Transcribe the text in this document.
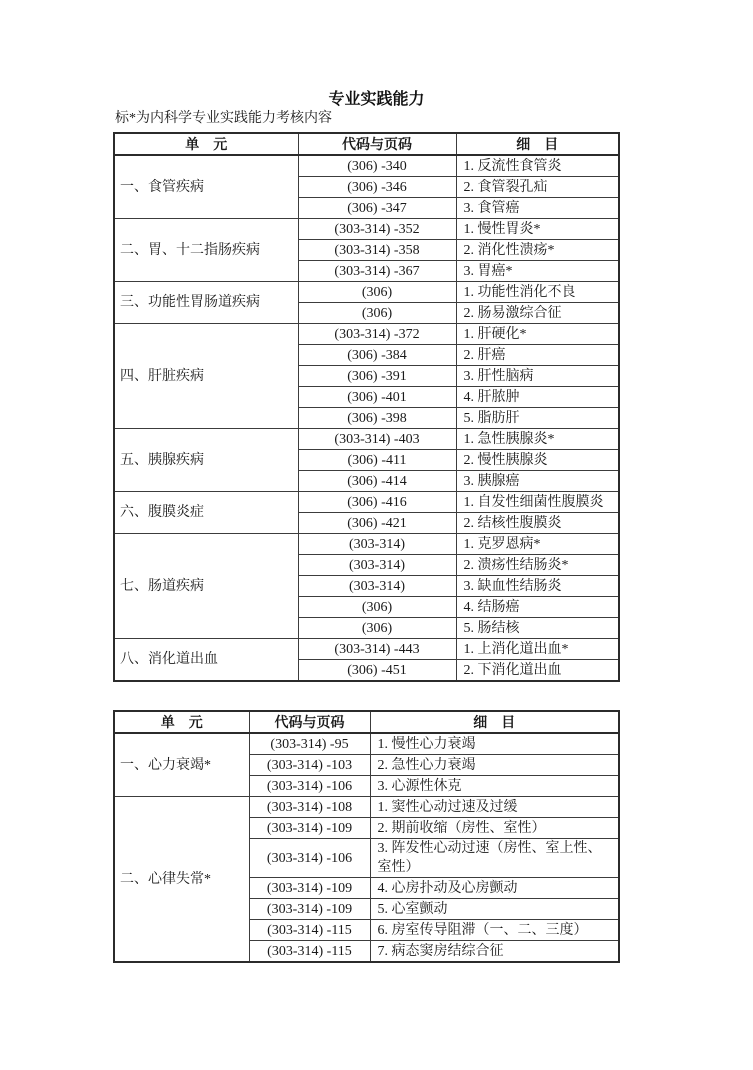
专业实践能力
标*为内科学专业实践能力考核内容
单　元	代码与页码	细　目
一、食管疾病	(306) -340	1. 反流性食管炎
	(306) -346	2. 食管裂孔疝
	(306) -347	3. 食管癌
二、胃、十二指肠疾病	(303-314) -352	1. 慢性胃炎*
	(303-314) -358	2. 消化性溃疡*
	(303-314) -367	3. 胃癌*
三、功能性胃肠道疾病	(306)	1. 功能性消化不良
	(306)	2. 肠易激综合征
四、肝脏疾病	(303-314) -372	1. 肝硬化*
	(306) -384	2. 肝癌
	(306) -391	3. 肝性脑病
	(306) -401	4. 肝脓肿
	(306) -398	5. 脂肪肝
五、胰腺疾病	(303-314) -403	1. 急性胰腺炎*
	(306) -411	2. 慢性胰腺炎
	(306) -414	3. 胰腺癌
六、腹膜炎症	(306) -416	1. 自发性细菌性腹膜炎
	(306) -421	2. 结核性腹膜炎
七、肠道疾病	(303-314)	1. 克罗恩病*
	(303-314)	2. 溃疡性结肠炎*
	(303-314)	3. 缺血性结肠炎
	(306)	4. 结肠癌
	(306)	5. 肠结核
八、消化道出血	(303-314) -443	1. 上消化道出血*
	(306) -451	2. 下消化道出血
单　元	代码与页码	细　目
一、心力衰竭*	(303-314) -95	1. 慢性心力衰竭
	(303-314) -103	2. 急性心力衰竭
	(303-314) -106	3. 心源性休克
二、心律失常*	(303-314) -108	1. 窦性心动过速及过缓
	(303-314) -109	2. 期前收缩（房性、室性）
	(303-314) -106	3. 阵发性心动过速（房性、室上性、室性）
	(303-314) -109	4. 心房扑动及心房颤动
	(303-314) -109	5. 心室颤动
	(303-314) -115	6. 房室传导阻滞（一、二、三度）
	(303-314) -115	7. 病态窦房结综合征
